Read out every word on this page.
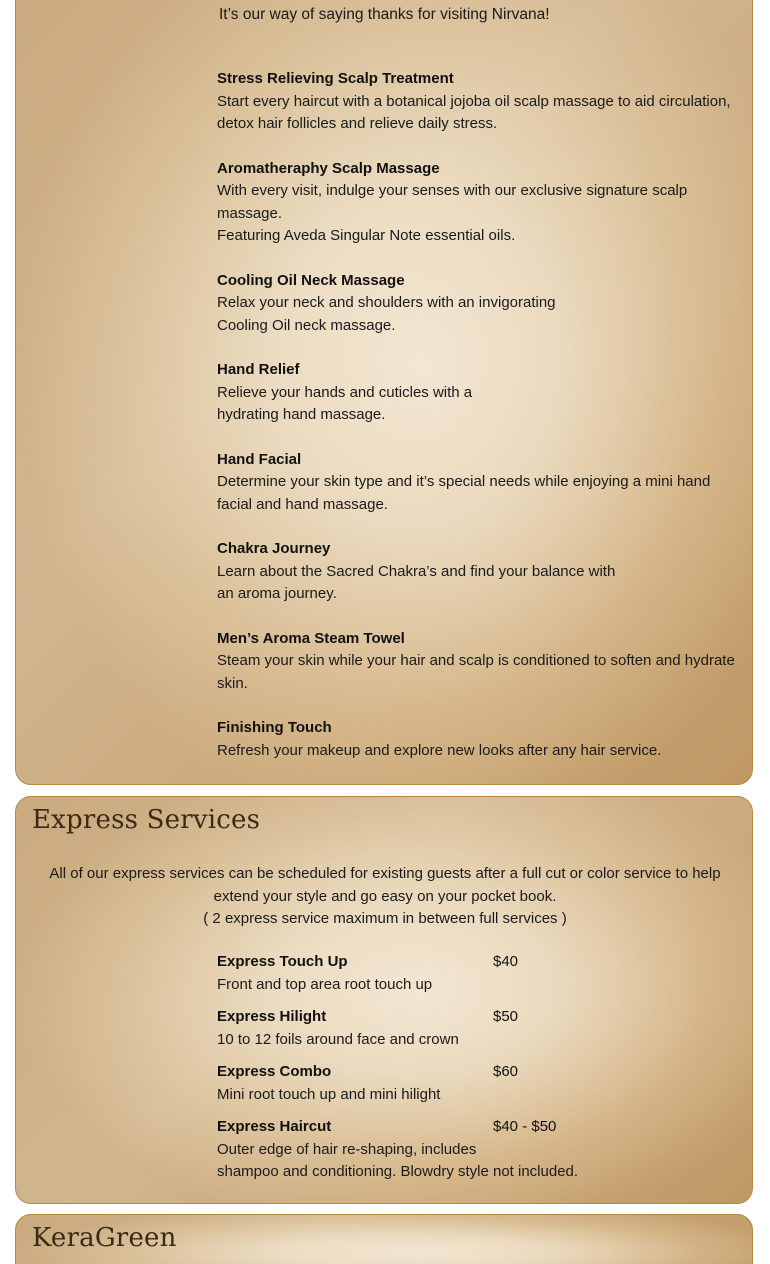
It’s our way of saying thanks for visiting Nirvana!
Stress Relieving Scalp Treatment
Start every haircut with a botanical jojoba oil scalp massage to aid circulation,
detox hair follicles and relieve daily stress.
Aromatheraphy Scalp Massage
With every visit, indulge your senses with our exclusive signature scalp
massage.
Featuring Aveda Singular Note essential oils.
Cooling Oil Neck Massage
Relax your neck and shoulders with an invigorating
Cooling Oil neck massage.
Hand Relief
Relieve your hands and cuticles with a
hydrating hand massage.
Hand Facial
Determine your skin type and it’s special needs while enjoying a mini hand
facial and hand massage.
Chakra Journey
Learn about the Sacred Chakra’s and find your balance with
an aroma journey.
Men’s Aroma Steam Towel
Steam your skin while your hair and scalp is conditioned to soften and hydrate
skin.
Finishing Touch
Refresh your makeup and explore new looks after any hair service.
Express Services
All of our express services can be scheduled for existing guests after a full cut or color service to help
extend your style and go easy on your pocket book.
( 2 express service maximum in between full services )
Express Touch Up	$40
Front and top area root touch up
Express Hilight	$50
10 to 12 foils around face and crown
Express Combo	$60
Mini root touch up and mini hilight
Express Haircut	$40 - $50
Outer edge of hair re-shaping, includes
shampoo and conditioning. Blowdry style not included.
KeraGreen
